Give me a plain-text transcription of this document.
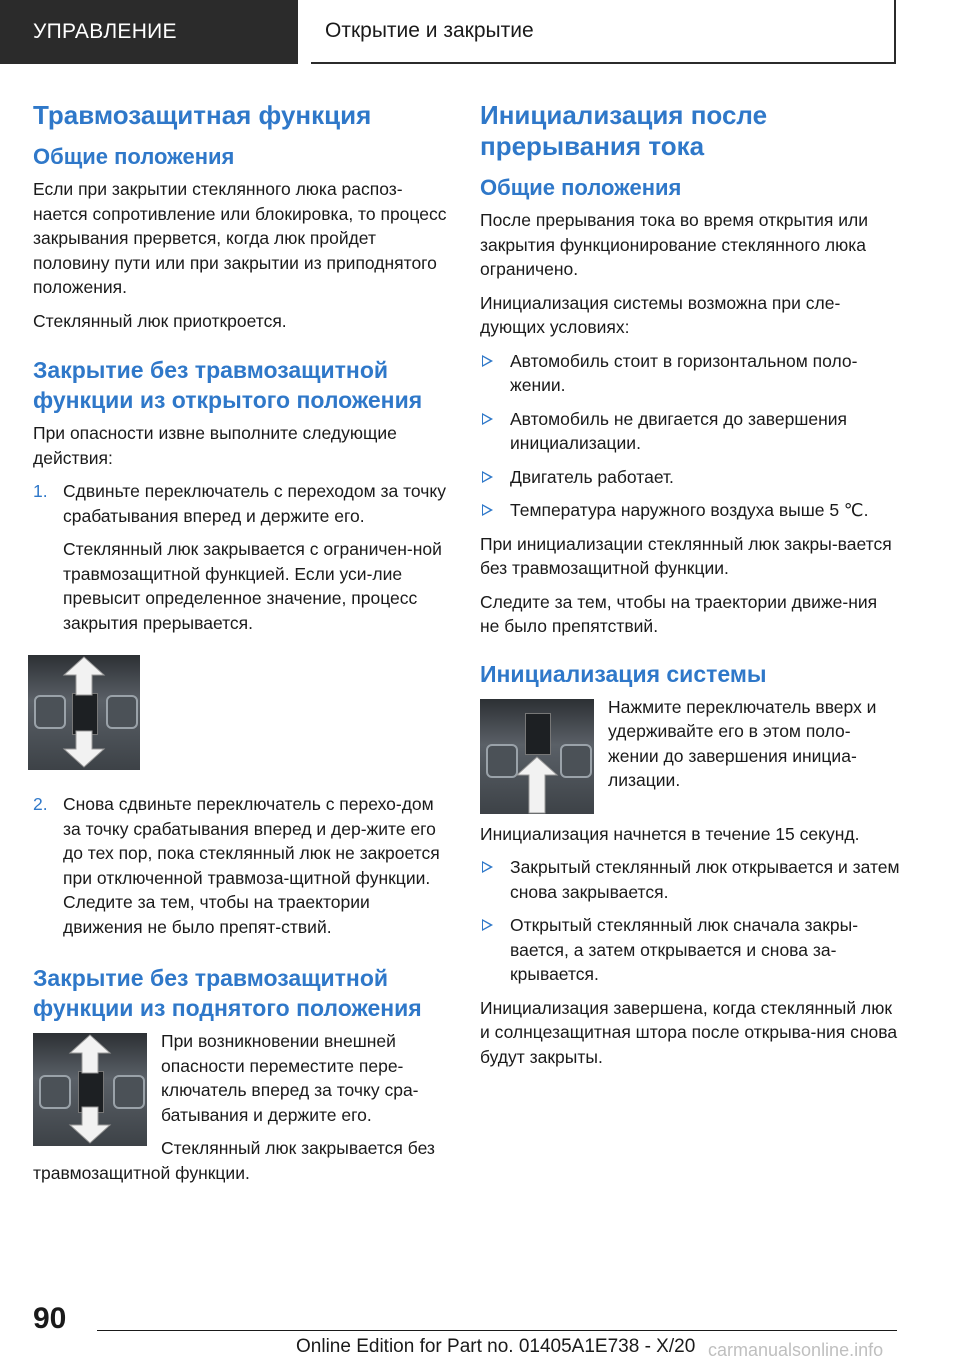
УПРАВЛЕНИЕ	Открытие и закрытие
Травмозащитная функция
Общие положения

Если при закрытии стеклянного люка распоз-нается сопротивление или блокировка, то процесс закрывания прервется, когда люк пройдет половину пути или при закрытии из приподнятого положения.

Стеклянный люк приоткроется.

Закрытие без травмозащитной функции из открытого положения

При опасности извне выполните следующие действия:

1. Сдвиньте переключатель с переходом за точку срабатывания вперед и держите его.
Стеклянный люк закрывается с ограничен-ной травмозащитной функцией. Если уси-лие превысит определенное значение, процесс закрытия прерывается.
2. Снова сдвиньте переключатель с перехо-дом за точку срабатывания вперед и дер-жите его до тех пор, пока стеклянный люк не закроется при отключенной травмоза-щитной функции. Следите за тем, чтобы на траектории движения не было препят-ствий.
Закрытие без травмозащитной функции из поднятого положения

При возникновении внешней опасности переместите пере-ключатель вперед за точку сра-батывания и держите его.

Стеклянный люк закрывается без травмозащитной функции.

Инициализация после прерывания тока
Общие положения

После прерывания тока во время открытия или закрытия функционирование стеклянного люка ограничено.

Инициализация системы возможна при сле-дующих условиях:

Автомобиль стоит в горизонтальном поло-жении.
Автомобиль не двигается до завершения инициализации.
Двигатель работает.
Температура наружного воздуха выше 5 ℃.

При инициализации стеклянный люк закры-вается без травмозащитной функции.

Следите за тем, чтобы на траектории движе-ния не было препятствий.

Инициализация системы

Нажмите переключатель вверх и удерживайте его в этом поло-жении до завершения инициа-лизации.

Инициализация начнется в течение 15 секунд.

Закрытый стеклянный люк открывается и затем снова закрывается.
Открытый стеклянный люк сначала закры-вается, а затем открывается и снова за-крывается.

Инициализация завершена, когда стеклянный люк и солнцезащитная штора после открыва-ния снова будут закрыты.

90
Online Edition for Part no. 01405A1E738 - X/20 carmanualsonline.info
